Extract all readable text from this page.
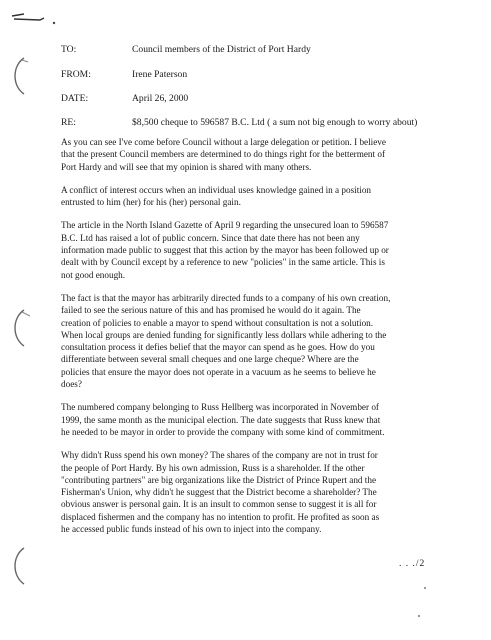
TO:	Council members of the District of Port Hardy
FROM:	Irene Paterson
DATE:	April 26, 2000
RE:	$8,500 cheque to 596587 B.C. Ltd ( a sum not big enough to worry about)

As you can see I've come before Council without a large delegation or petition. I believe
that the present Council members are determined to do things right for the betterment of
Port Hardy and will see that my opinion is shared with many others.

A conflict of interest occurs when an individual uses knowledge gained in a position
entrusted to him (her) for his (her) personal gain.

The article in the North Island Gazette of April 9 regarding the unsecured loan to 596587
B.C. Ltd has raised a lot of public concern. Since that date there has not been any
information made public to suggest that this action by the mayor has been followed up or
dealt with by Council except by a reference to new "policies" in the same article. This is
not good enough.

The fact is that the mayor has arbitrarily directed funds to a company of his own creation,
failed to see the serious nature of this and has promised he would do it again. The
creation of policies to enable a mayor to spend without consultation is not a solution.
When local groups are denied funding for significantly less dollars while adhering to the
consultation process it defies belief that the mayor can spend as he goes. How do you
differentiate between several small cheques and one large cheque? Where are the
policies that ensure the mayor does not operate in a vacuum as he seems to believe he
does?

The numbered company belonging to Russ Hellberg was incorporated in November of
1999, the same month as the municipal election. The date suggests that Russ knew that
he needed to be mayor in order to provide the company with some kind of commitment.

Why didn't Russ spend his own money? The shares of the company are not in trust for
the people of Port Hardy. By his own admission, Russ is a shareholder. If the other
"contributing partners" are big organizations like the District of Prince Rupert and the
Fisherman's Union, why didn't he suggest that the District become a shareholder? The
obvious answer is personal gain. It is an insult to common sense to suggest it is all for
displaced fishermen and the company has no intention to profit. He profited as soon as
he accessed public funds instead of his own to inject into the company.

. . ./2
